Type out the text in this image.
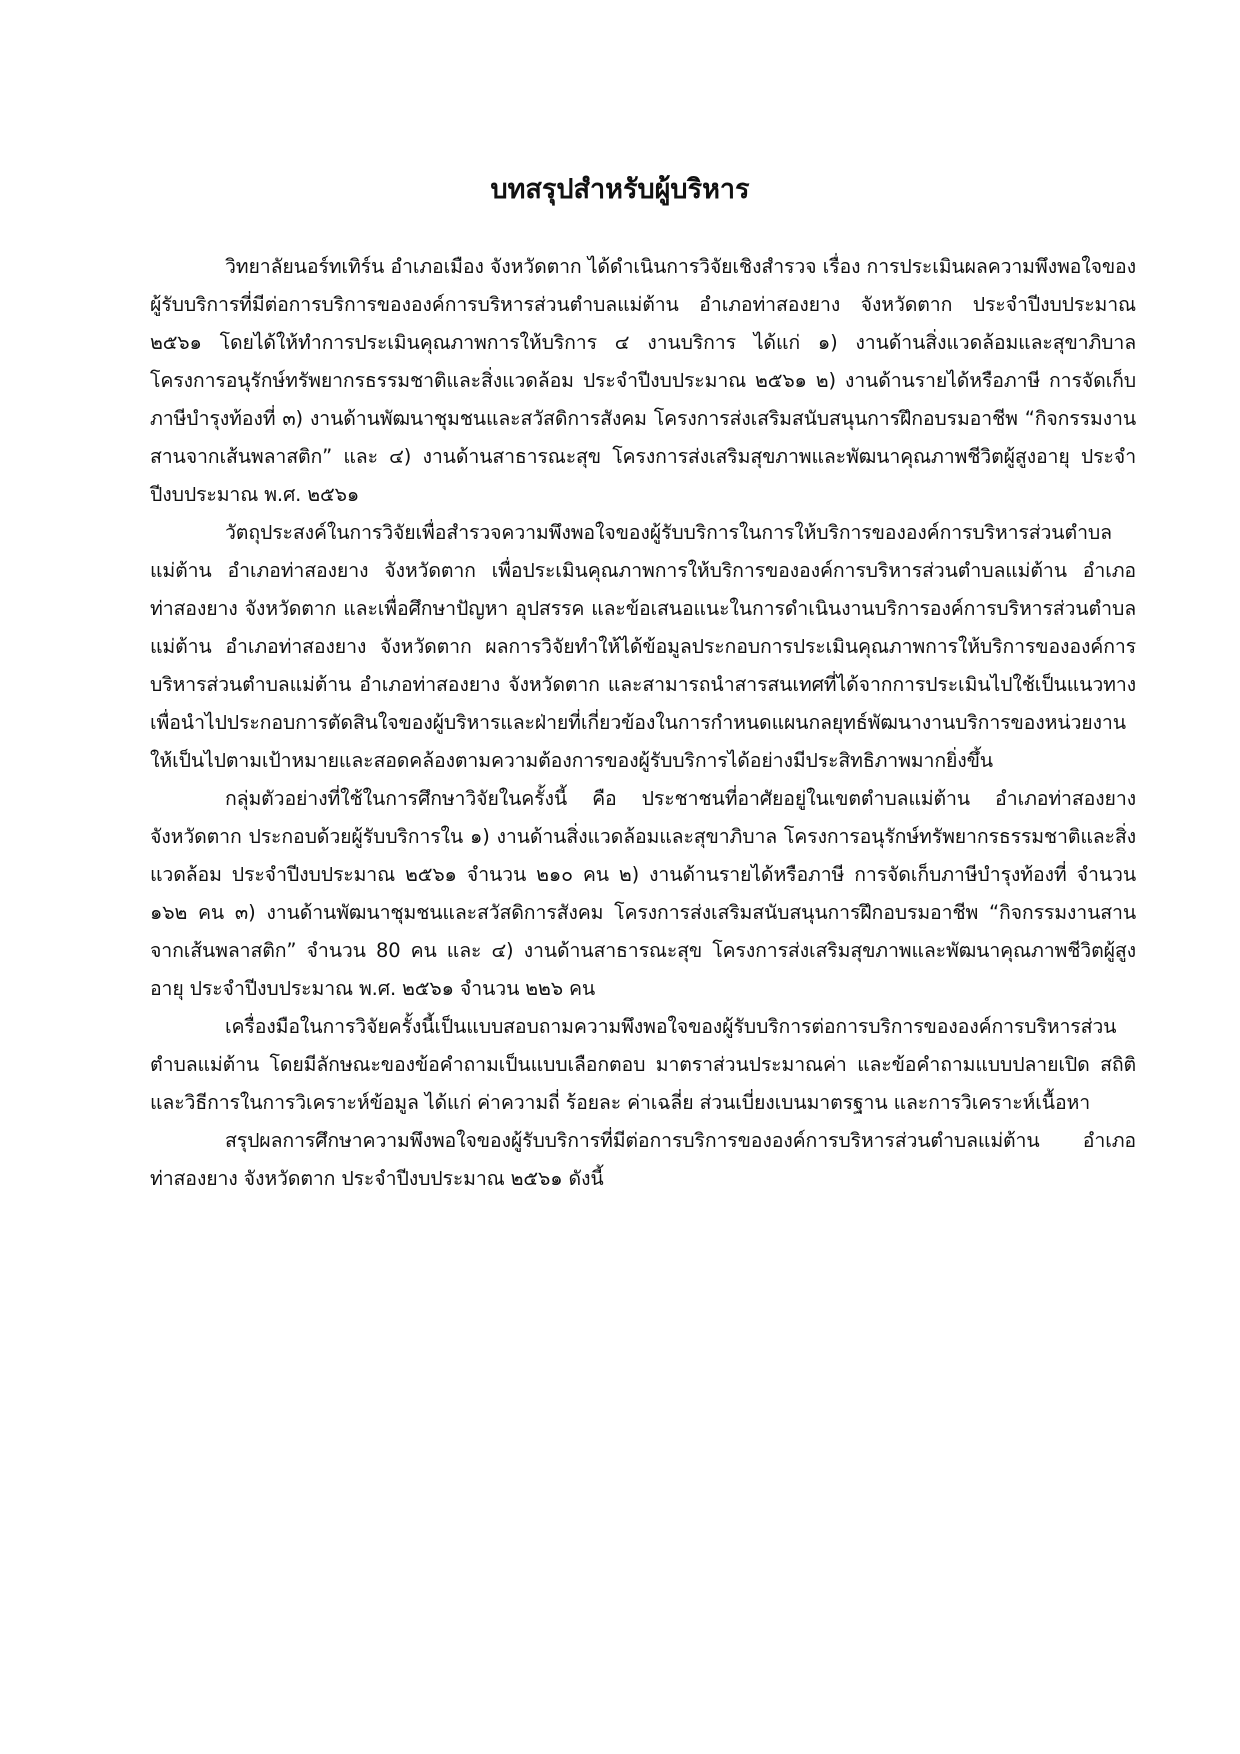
บทสรุปสำหรับผู้บริหาร

วิทยาลัยนอร์ทเทิร์น อำเภอเมือง จังหวัดตาก ได้ดำเนินการวิจัยเชิงสำรวจ เรื่อง การประเมินผลความพึงพอใจของผู้รับบริการที่มีต่อการบริการขององค์การบริหารส่วนตำบลแม่ต้าน อำเภอท่าสองยาง จังหวัดตาก ประจำปีงบประมาณ ๒๕๖๑ โดยได้ให้ทำการประเมินคุณภาพการให้บริการ ๔ งานบริการ ได้แก่ ๑) งานด้านสิ่งแวดล้อมและสุขาภิบาล โครงการอนุรักษ์ทรัพยากรธรรมชาติและสิ่งแวดล้อม ประจำปีงบประมาณ ๒๕๖๑ ๒) งานด้านรายได้หรือภาษี การจัดเก็บภาษีบำรุงท้องที่ ๓) งานด้านพัฒนาชุมชนและสวัสดิการสังคม โครงการส่งเสริมสนับสนุนการฝึกอบรมอาชีพ “กิจกรรมงานสานจากเส้นพลาสติก” และ ๔) งานด้านสาธารณะสุข โครงการส่งเสริมสุขภาพและพัฒนาคุณภาพชีวิตผู้สูงอายุ ประจำปีงบประมาณ พ.ศ. ๒๕๖๑

วัตถุประสงค์ในการวิจัยเพื่อสำรวจความพึงพอใจของผู้รับบริการในการให้บริการขององค์การบริหารส่วนตำบลแม่ต้าน อำเภอท่าสองยาง จังหวัดตาก เพื่อประเมินคุณภาพการให้บริการขององค์การบริหารส่วนตำบลแม่ต้าน อำเภอท่าสองยาง จังหวัดตาก และเพื่อศึกษาปัญหา อุปสรรค และข้อเสนอแนะในการดำเนินงานบริการองค์การบริหารส่วนตำบลแม่ต้าน อำเภอท่าสองยาง จังหวัดตาก ผลการวิจัยทำให้ได้ข้อมูลประกอบการประเมินคุณภาพการให้บริการขององค์การบริหารส่วนตำบลแม่ต้าน อำเภอท่าสองยาง จังหวัดตาก และสามารถนำสารสนเทศที่ได้จากการประเมินไปใช้เป็นแนวทางเพื่อนำไปประกอบการตัดสินใจของผู้บริหารและฝ่ายที่เกี่ยวข้องในการกำหนดแผนกลยุทธ์พัฒนางานบริการของหน่วยงาน ให้เป็นไปตามเป้าหมายและสอดคล้องตามความต้องการของผู้รับบริการได้อย่างมีประสิทธิภาพมากยิ่งขึ้น

กลุ่มตัวอย่างที่ใช้ในการศึกษาวิจัยในครั้งนี้ คือ ประชาชนที่อาศัยอยู่ในเขตตำบลแม่ต้าน อำเภอท่าสองยาง จังหวัดตาก ประกอบด้วยผู้รับบริการใน ๑) งานด้านสิ่งแวดล้อมและสุขาภิบาล โครงการอนุรักษ์ทรัพยากรธรรมชาติและสิ่งแวดล้อม ประจำปีงบประมาณ ๒๕๖๑ จำนวน ๒๑๐ คน ๒) งานด้านรายได้หรือภาษี การจัดเก็บภาษีบำรุงท้องที่ จำนวน ๑๖๒ คน ๓) งานด้านพัฒนาชุมชนและสวัสดิการสังคม โครงการส่งเสริมสนับสนุนการฝึกอบรมอาชีพ “กิจกรรมงานสานจากเส้นพลาสติก” จำนวน 80 คน และ ๔) งานด้านสาธารณะสุข โครงการส่งเสริมสุขภาพและพัฒนาคุณภาพชีวิตผู้สูงอายุ ประจำปีงบประมาณ พ.ศ. ๒๕๖๑ จำนวน ๒๒๖ คน

เครื่องมือในการวิจัยครั้งนี้เป็นแบบสอบถามความพึงพอใจของผู้รับบริการต่อการบริการขององค์การบริหารส่วนตำบลแม่ต้าน โดยมีลักษณะของข้อคำถามเป็นแบบเลือกตอบ มาตราส่วนประมาณค่า และข้อคำถามแบบปลายเปิด สถิติและวิธีการในการวิเคราะห์ข้อมูล ได้แก่ ค่าความถี่ ร้อยละ ค่าเฉลี่ย ส่วนเบี่ยงเบนมาตรฐาน และการวิเคราะห์เนื้อหา

สรุปผลการศึกษาความพึงพอใจของผู้รับบริการที่มีต่อการบริการขององค์การบริหารส่วนตำบลแม่ต้าน อำเภอท่าสองยาง จังหวัดตาก ประจำปีงบประมาณ ๒๕๖๑ ดังนี้
